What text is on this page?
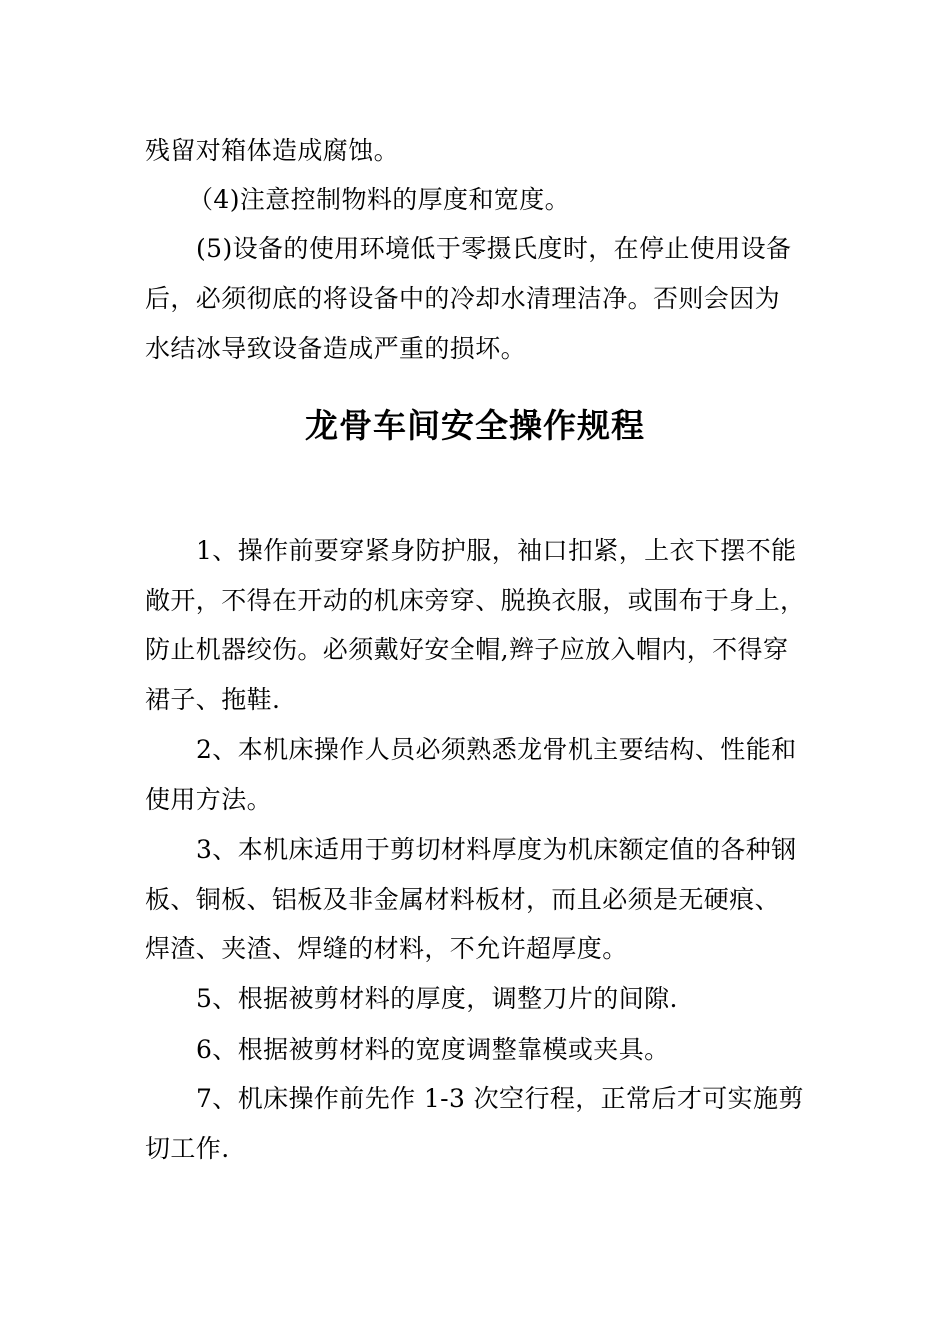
残留对箱体造成腐蚀。
（4)注意控制物料的厚度和宽度。
(5)设备的使用环境低于零摄氏度时，在停止使用设备
后，必须彻底的将设备中的冷却水清理洁净。否则会因为
水结冰导致设备造成严重的损坏。
龙骨车间安全操作规程
1、操作前要穿紧身防护服，袖口扣紧，上衣下摆不能
敞开，不得在开动的机床旁穿、脱换衣服，或围布于身上，
防止机器绞伤。必须戴好安全帽,辫子应放入帽内，不得穿
裙子、拖鞋.
2、本机床操作人员必须熟悉龙骨机主要结构、性能和
使用方法。
3、本机床适用于剪切材料厚度为机床额定值的各种钢
板、铜板、铝板及非金属材料板材，而且必须是无硬痕、
焊渣、夹渣、焊缝的材料，不允许超厚度。
5、根据被剪材料的厚度，调整刀片的间隙.
6、根据被剪材料的宽度调整靠模或夹具。
7、机床操作前先作 1-3 次空行程，正常后才可实施剪
切工作.
